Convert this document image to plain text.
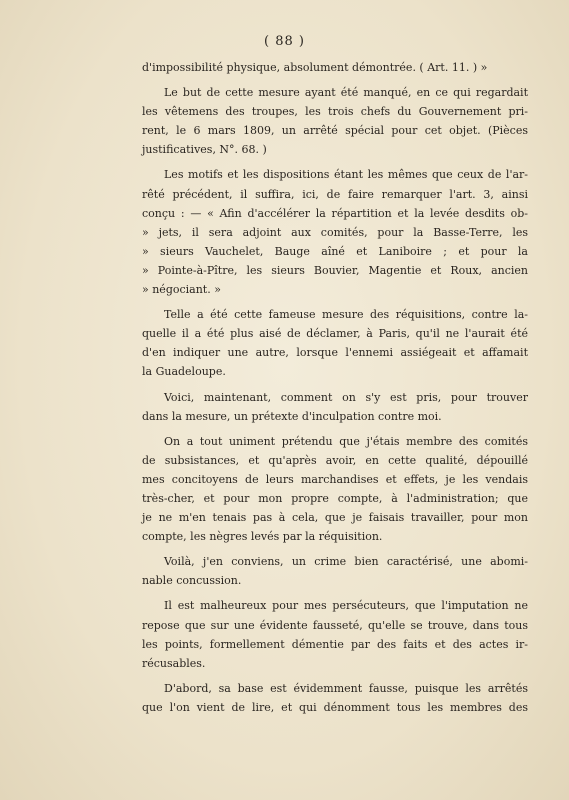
( 88 )
d'impossibilité physique, absolument démontrée. ( Art. 11. ) »
Le but de cette mesure ayant été manqué, en ce qui regardait
les vêtemens des troupes, les trois chefs du Gouvernement pri-
rent, le 6 mars 1809, un arrêté spécial pour cet objet. (Pièces
justificatives, N°. 68. )
Les motifs et les dispositions étant les mêmes que ceux de l'ar-
rêté précédent, il suffira, ici, de faire remarquer l'art. 3, ainsi
conçu : — « Afin d'accélérer la répartition et la levée desdits ob-
» jets, il sera adjoint aux comités, pour la Basse-Terre, les
» sieurs Vauchelet, Bauge aîné et Laniboire ; et pour la
» Pointe-à-Pître, les sieurs Bouvier, Magentie et Roux, ancien
» négociant. »
Telle a été cette fameuse mesure des réquisitions, contre la-
quelle il a été plus aisé de déclamer, à Paris, qu'il ne l'aurait été
d'en indiquer une autre, lorsque l'ennemi assiégeait et affamait
la Guadeloupe.
Voici, maintenant, comment on s'y est pris, pour trouver
dans la mesure, un prétexte d'inculpation contre moi.
On a tout uniment prétendu que j'étais membre des comités
de subsistances, et qu'après avoir, en cette qualité, dépouillé
mes concitoyens de leurs marchandises et effets, je les vendais
très-cher, et pour mon propre compte, à l'administration; que
je ne m'en tenais pas à cela, que je faisais travailler, pour mon
compte, les nègres levés par la réquisition.
Voilà, j'en conviens, un crime bien caractérisé, une abomi-
nable concussion.
Il est malheureux pour mes persécuteurs, que l'imputation ne
repose que sur une évidente fausseté, qu'elle se trouve, dans tous
les points, formellement démentie par des faits et des actes ir-
récusables.
D'abord, sa base est évidemment fausse, puisque les arrêtés
que l'on vient de lire, et qui dénomment tous les membres des
